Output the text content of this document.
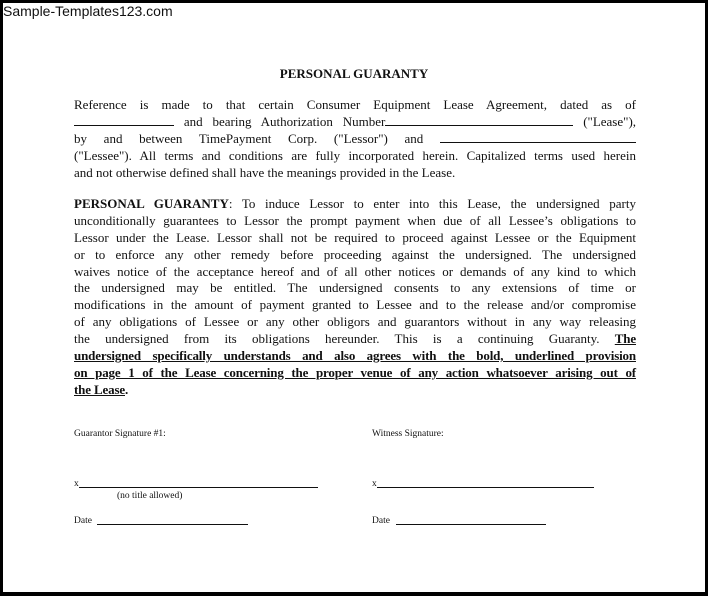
Sample-Templates123.com
PERSONAL GUARANTY
Reference is made to that certain Consumer Equipment Lease Agreement, dated as of
and bearing Authorization Number	("Lease"),
by and between TimePayment Corp. ("Lessor") and
("Lessee"). All terms and conditions are fully incorporated herein. Capitalized terms used herein
and not otherwise defined shall have the meanings provided in the Lease.
PERSONAL GUARANTY: To induce Lessor to enter into this Lease, the undersigned party
unconditionally guarantees to Lessor the prompt payment when due of all Lessee’s obligations to
Lessor under the Lease. Lessor shall not be required to proceed against Lessee or the Equipment
or to enforce any other remedy before proceeding against the undersigned. The undersigned
waives notice of the acceptance hereof and of all other notices or demands of any kind to which
the undersigned may be entitled. The undersigned consents to any extensions of time or
modifications in the amount of payment granted to Lessee and to the release and/or compromise
of any obligations of Lessee or any other obligors and guarantors without in any way releasing
the undersigned from its obligations hereunder. This is a continuing Guaranty. The
undersigned specifically understands and also agrees with the bold, underlined provision
on page 1 of the Lease concerning the proper venue of any action whatsoever arising out of
the Lease.
Guarantor Signature #1:	Witness Signature:
x	x
(no title allowed)
Date	Date
